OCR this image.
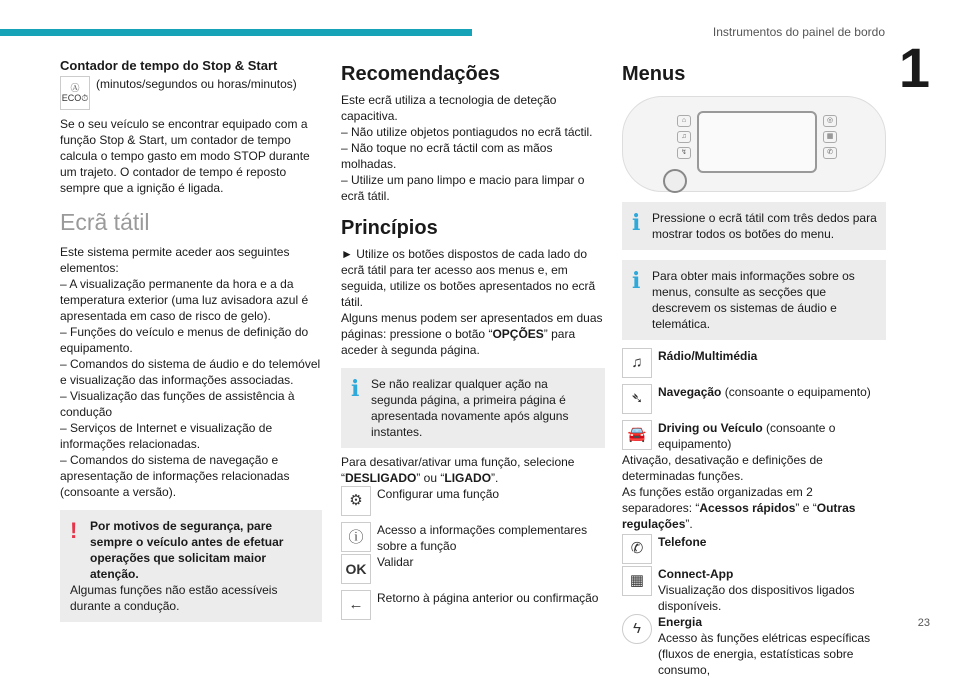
Instrumentos do painel de bordo
1
23
Contador de tempo do Stop & Start
Ⓐ
ECO⏱
(minutos/segundos ou horas/minutos)

Se o seu veículo se encontrar equipado com a função Stop & Start, um contador de tempo calcula o tempo gasto em modo STOP durante um trajeto. O contador de tempo é reposto sempre que a ignição é ligada.

Ecrã tátil

Este sistema permite aceder aos seguintes elementos:

– A visualização permanente da hora e a da temperatura exterior (uma luz avisadora azul é apresentada em caso de risco de gelo).

– Funções do veículo e menus de definição do equipamento.

– Comandos do sistema de áudio e do telemóvel e visualização das informações associadas.

– Visualização das funções de assistência à condução

– Serviços de Internet e visualização de informações relacionadas.

– Comandos do sistema de navegação e apresentação de informações relacionadas (consoante a versão).

!	Por motivos de segurança, pare sempre o veículo antes de efetuar operações que solicitam maior atenção.

Algumas funções não estão acessíveis durante a condução.

Recomendações

Este ecrã utiliza a tecnologia de deteção capacitiva.

– Não utilize objetos pontiagudos no ecrã táctil.

– Não toque no ecrã táctil com as mãos molhadas.

– Utilize um pano limpo e macio para limpar o ecrã tátil.

Princípios

► Utilize os botões dispostos de cada lado do ecrã tátil para ter acesso aos menus e, em seguida, utilize os botões apresentados no ecrã tátil.

Alguns menus podem ser apresentados em duas páginas: pressione o botão “OPÇÕES” para aceder à segunda página.

i Se não realizar qualquer ação na segunda página, a primeira página é apresentada novamente após alguns instantes.

Para desativar/ativar uma função, selecione “DESLIGADO” ou “LIGADO”.

⚙	Configurar uma função
ⓘ	Acesso a informações complementares sobre a função
OK Validar
←	Retorno à página anterior ou confirmação
Menus
⌂
♫
↯
◎
▦
✆
i Pressione o ecrã tátil com três dedos para mostrar todos os botões do menu.

i Para obter mais informações sobre os menus, consulte as secções que descrevem os sistemas de áudio e telemática.

♫	Rádio/Multimédia
➴	Navegação (consoante o equipamento)
🚘 Driving ou Veículo (consoante o equipamento)

Ativação, desativação e definições de determinadas funções.

As funções estão organizadas em 2 separadores: “Acessos rápidos” e “Outras regulações”.

✆	Telefone
▦	Connect-App
Visualização dos dispositivos ligados disponíveis.
ϟ	Energia
Acesso às funções elétricas específicas (fluxos de energia, estatísticas sobre consumo,
